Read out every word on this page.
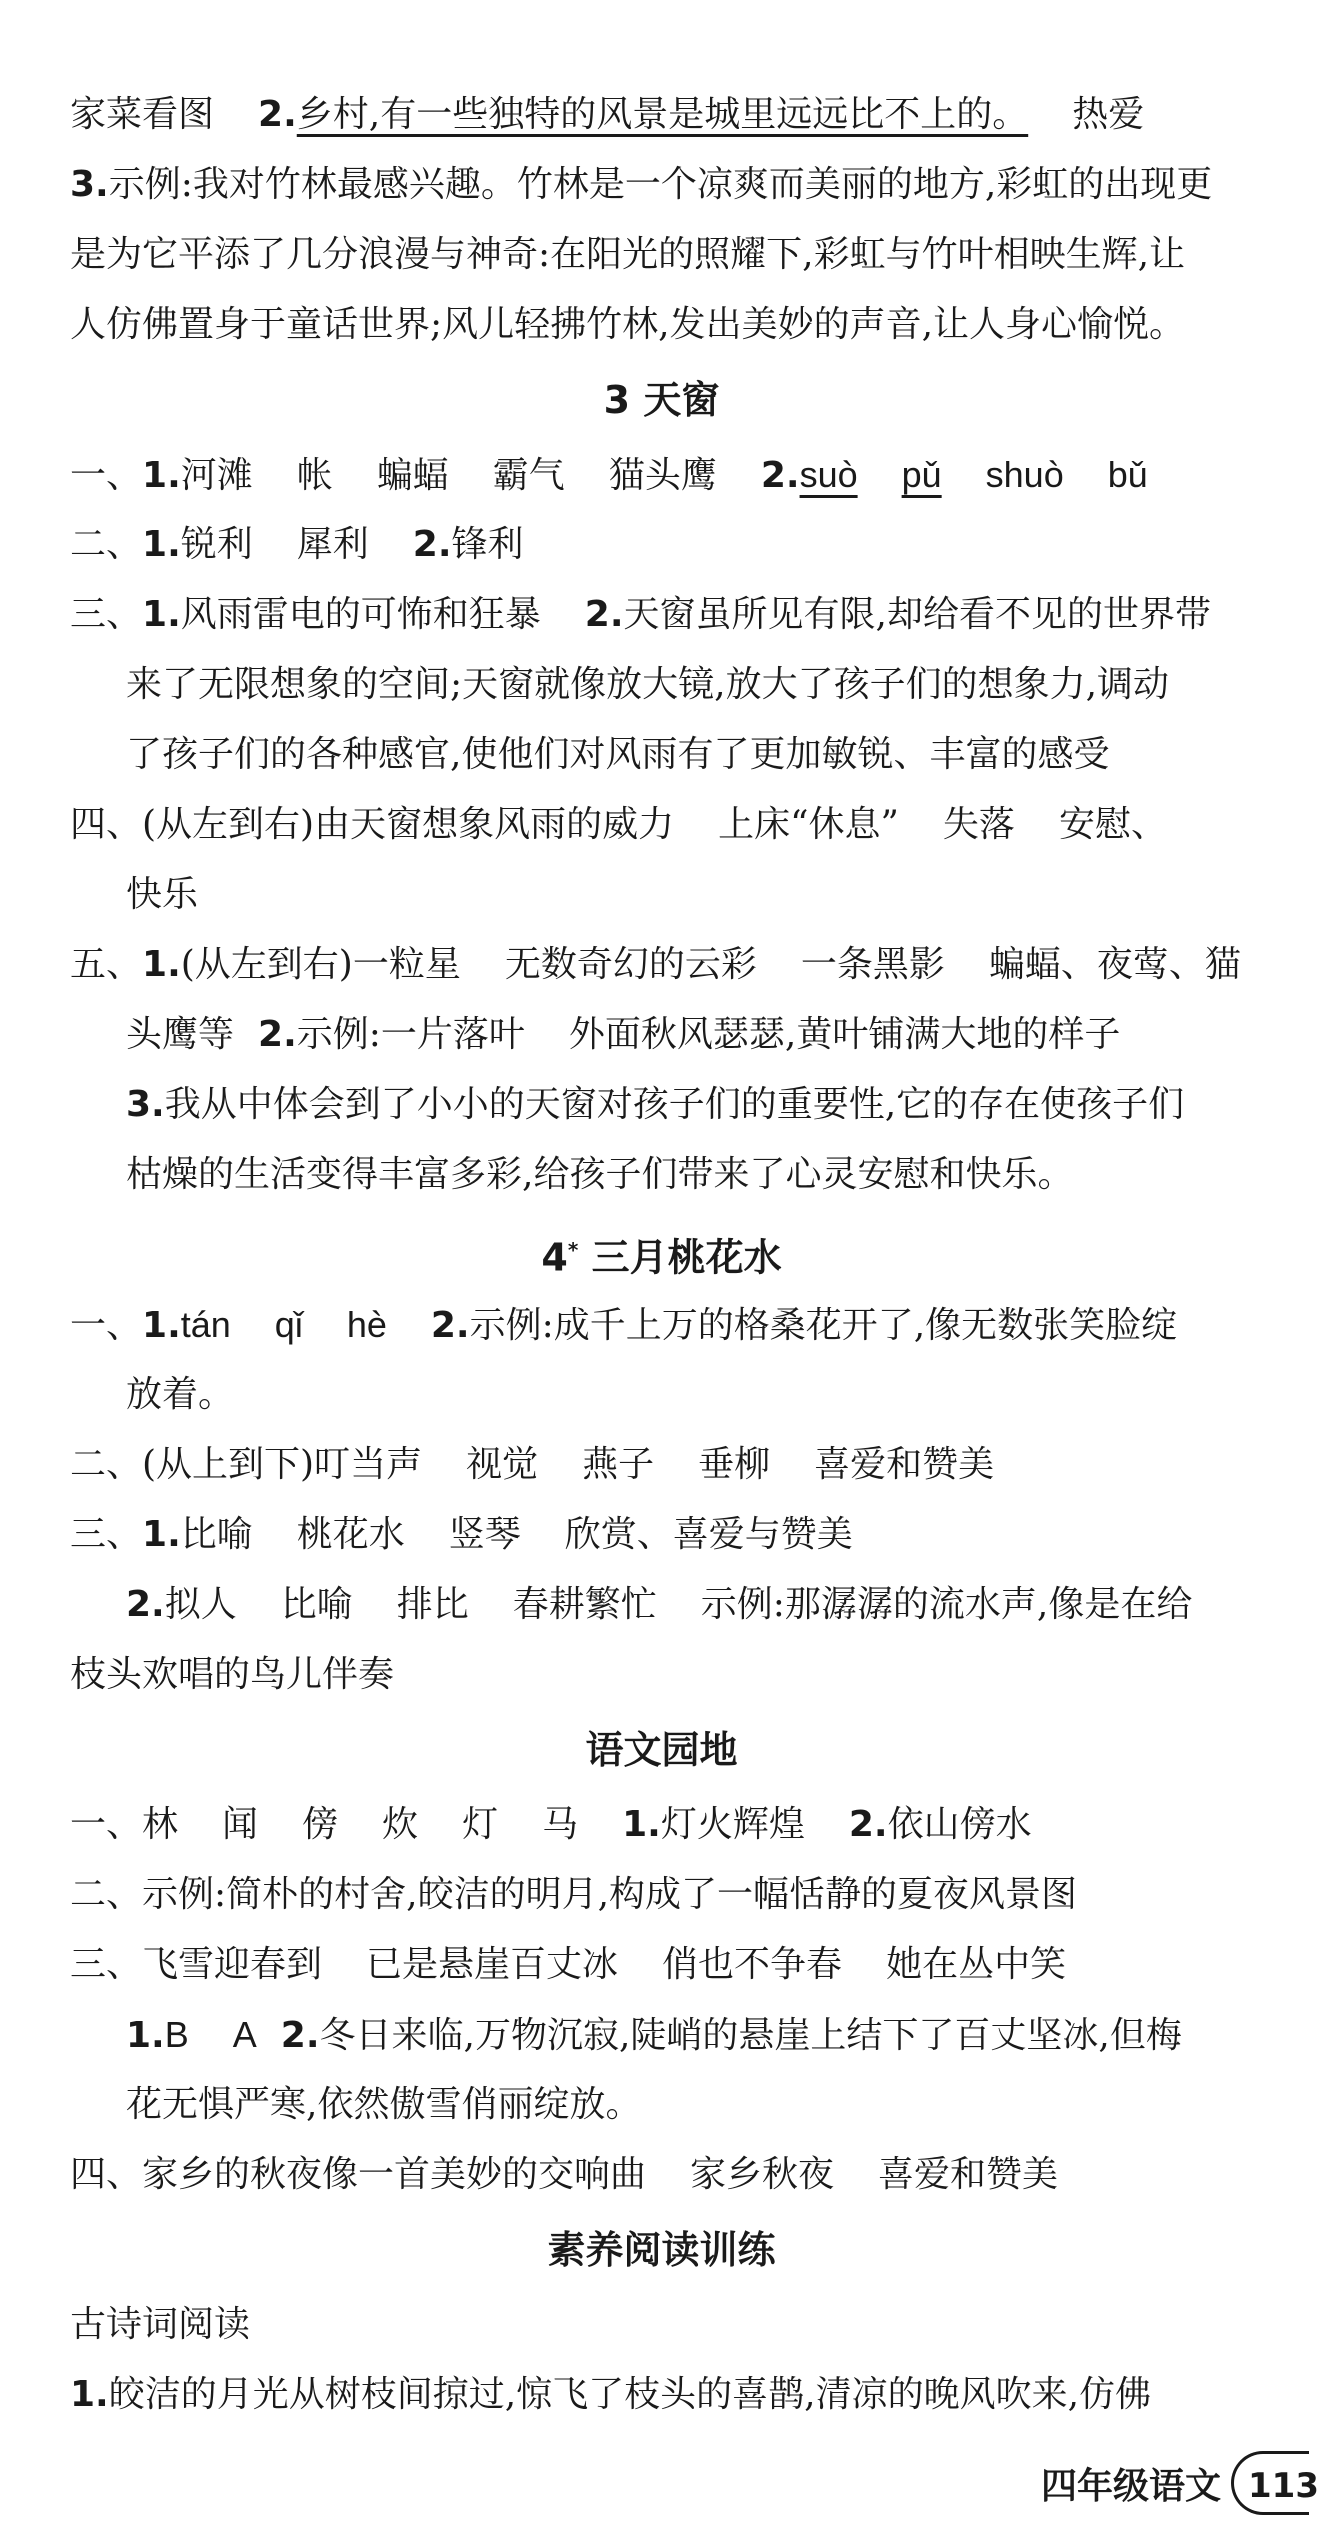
家菜看图 2.乡村,有一些独特的风景是城里远远比不上的。 热爱
3.示例:我对竹林最感兴趣。竹林是一个凉爽而美丽的地方,彩虹的出现更
是为它平添了几分浪漫与神奇:在阳光的照耀下,彩虹与竹叶相映生辉,让
人仿佛置身于童话世界;风儿轻拂竹林,发出美妙的声音,让人身心愉悦。
3 天窗
一、1.河滩 帐 蝙蝠 霸气 猫头鹰 2.suò pǔ shuò bǔ
二、1.锐利 犀利 2.锋利
三、1.风雨雷电的可怖和狂暴 2.天窗虽所见有限,却给看不见的世界带
来了无限想象的空间;天窗就像放大镜,放大了孩子们的想象力,调动
了孩子们的各种感官,使他们对风雨有了更加敏锐、丰富的感受
四、(从左到右)由天窗想象风雨的威力 上床“休息” 失落 安慰、
快乐
五、1.(从左到右)一粒星 无数奇幻的云彩 一条黑影 蝙蝠、夜莺、猫
头鹰等 2.示例:一片落叶 外面秋风瑟瑟,黄叶铺满大地的样子
3.我从中体会到了小小的天窗对孩子们的重要性,它的存在使孩子们
枯燥的生活变得丰富多彩,给孩子们带来了心灵安慰和快乐。
4* 三月桃花水
一、1.tán qǐ hè 2.示例:成千上万的格桑花开了,像无数张笑脸绽
放着。
二、(从上到下)叮当声 视觉 燕子 垂柳 喜爱和赞美
三、1.比喻 桃花水 竖琴 欣赏、喜爱与赞美
2.拟人 比喻 排比 春耕繁忙 示例:那潺潺的流水声,像是在给
枝头欢唱的鸟儿伴奏
语文园地
一、林 闻 傍 炊 灯 马 1.灯火辉煌 2.依山傍水
二、示例:简朴的村舍,皎洁的明月,构成了一幅恬静的夏夜风景图
三、飞雪迎春到 已是悬崖百丈冰 俏也不争春 她在丛中笑
1.B A 2.冬日来临,万物沉寂,陡峭的悬崖上结下了百丈坚冰,但梅
花无惧严寒,依然傲雪俏丽绽放。
四、家乡的秋夜像一首美妙的交响曲 家乡秋夜 喜爱和赞美
素养阅读训练
古诗词阅读
1.皎洁的月光从树枝间掠过,惊飞了枝头的喜鹊,清凉的晚风吹来,仿佛
四年级语文 113
